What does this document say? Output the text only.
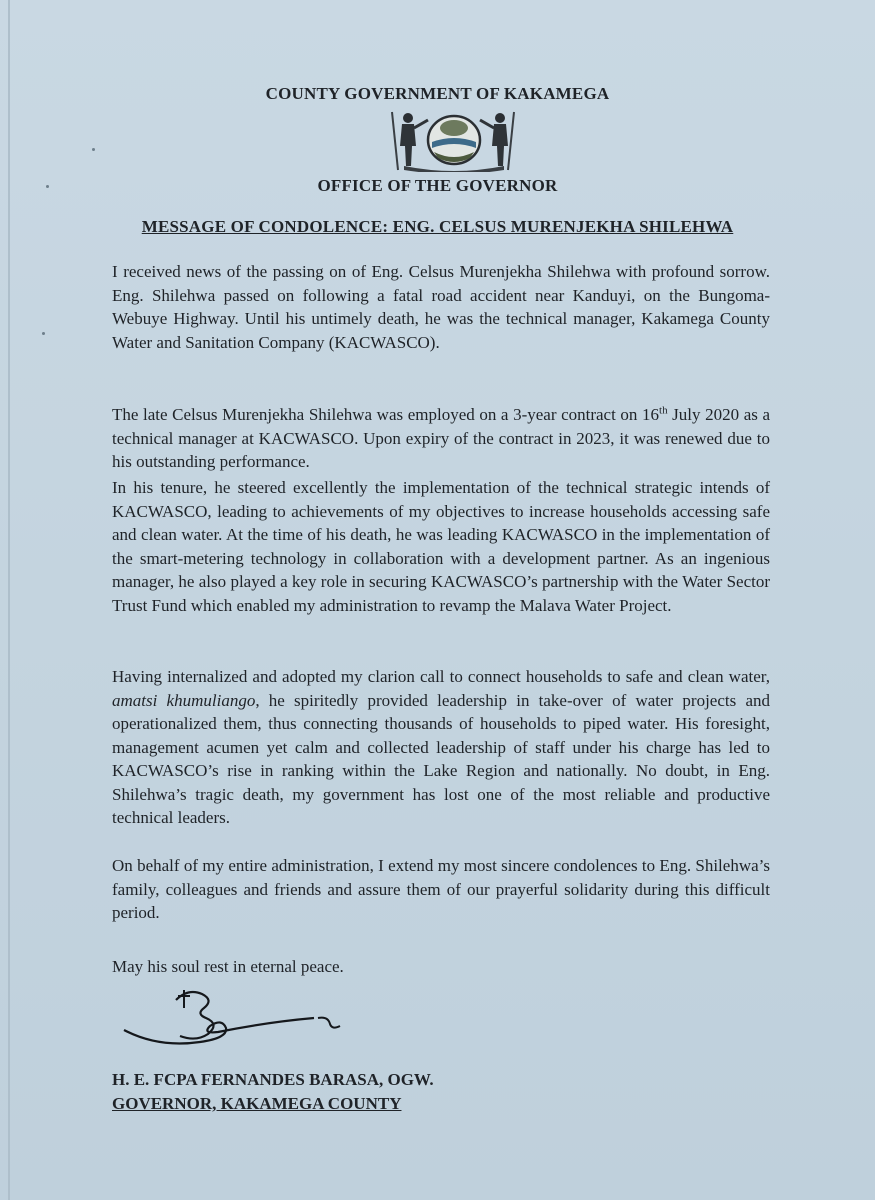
COUNTY GOVERNMENT OF KAKAMEGA
OFFICE OF THE GOVERNOR
MESSAGE OF CONDOLENCE: ENG. CELSUS MURENJEKHA SHILEHWA

I received news of the passing on of Eng. Celsus Murenjekha Shilehwa with profound sorrow. Eng. Shilehwa passed on following a fatal road accident near Kanduyi, on the Bungoma-Webuye Highway. Until his untimely death, he was the technical manager, Kakamega County Water and Sanitation Company (KACWASCO).

The late Celsus Murenjekha Shilehwa was employed on a 3-year contract on 16th July 2020 as a technical manager at KACWASCO. Upon expiry of the contract in 2023, it was renewed due to his outstanding performance.

In his tenure, he steered excellently the implementation of the technical strategic intends of KACWASCO, leading to achievements of my objectives to increase households accessing safe and clean water. At the time of his death, he was leading KACWASCO in the implementation of the smart-metering technology in collaboration with a development partner. As an ingenious manager, he also played a key role in securing KACWASCO’s partnership with the Water Sector Trust Fund which enabled my administration to revamp the Malava Water Project.

Having internalized and adopted my clarion call to connect households to safe and clean water, amatsi khumuliango, he spiritedly provided leadership in take-over of water projects and operationalized them, thus connecting thousands of households to piped water. His foresight, management acumen yet calm and collected leadership of staff under his charge has led to KACWASCO’s rise in ranking within the Lake Region and nationally. No doubt, in Eng. Shilehwa’s tragic death, my government has lost one of the most reliable and productive technical leaders.

On behalf of my entire administration, I extend my most sincere condolences to Eng. Shilehwa’s family, colleagues and friends and assure them of our prayerful solidarity during this difficult period.

May his soul rest in eternal peace.

H. E. FCPA FERNANDES BARASA, OGW.
GOVERNOR, KAKAMEGA COUNTY
